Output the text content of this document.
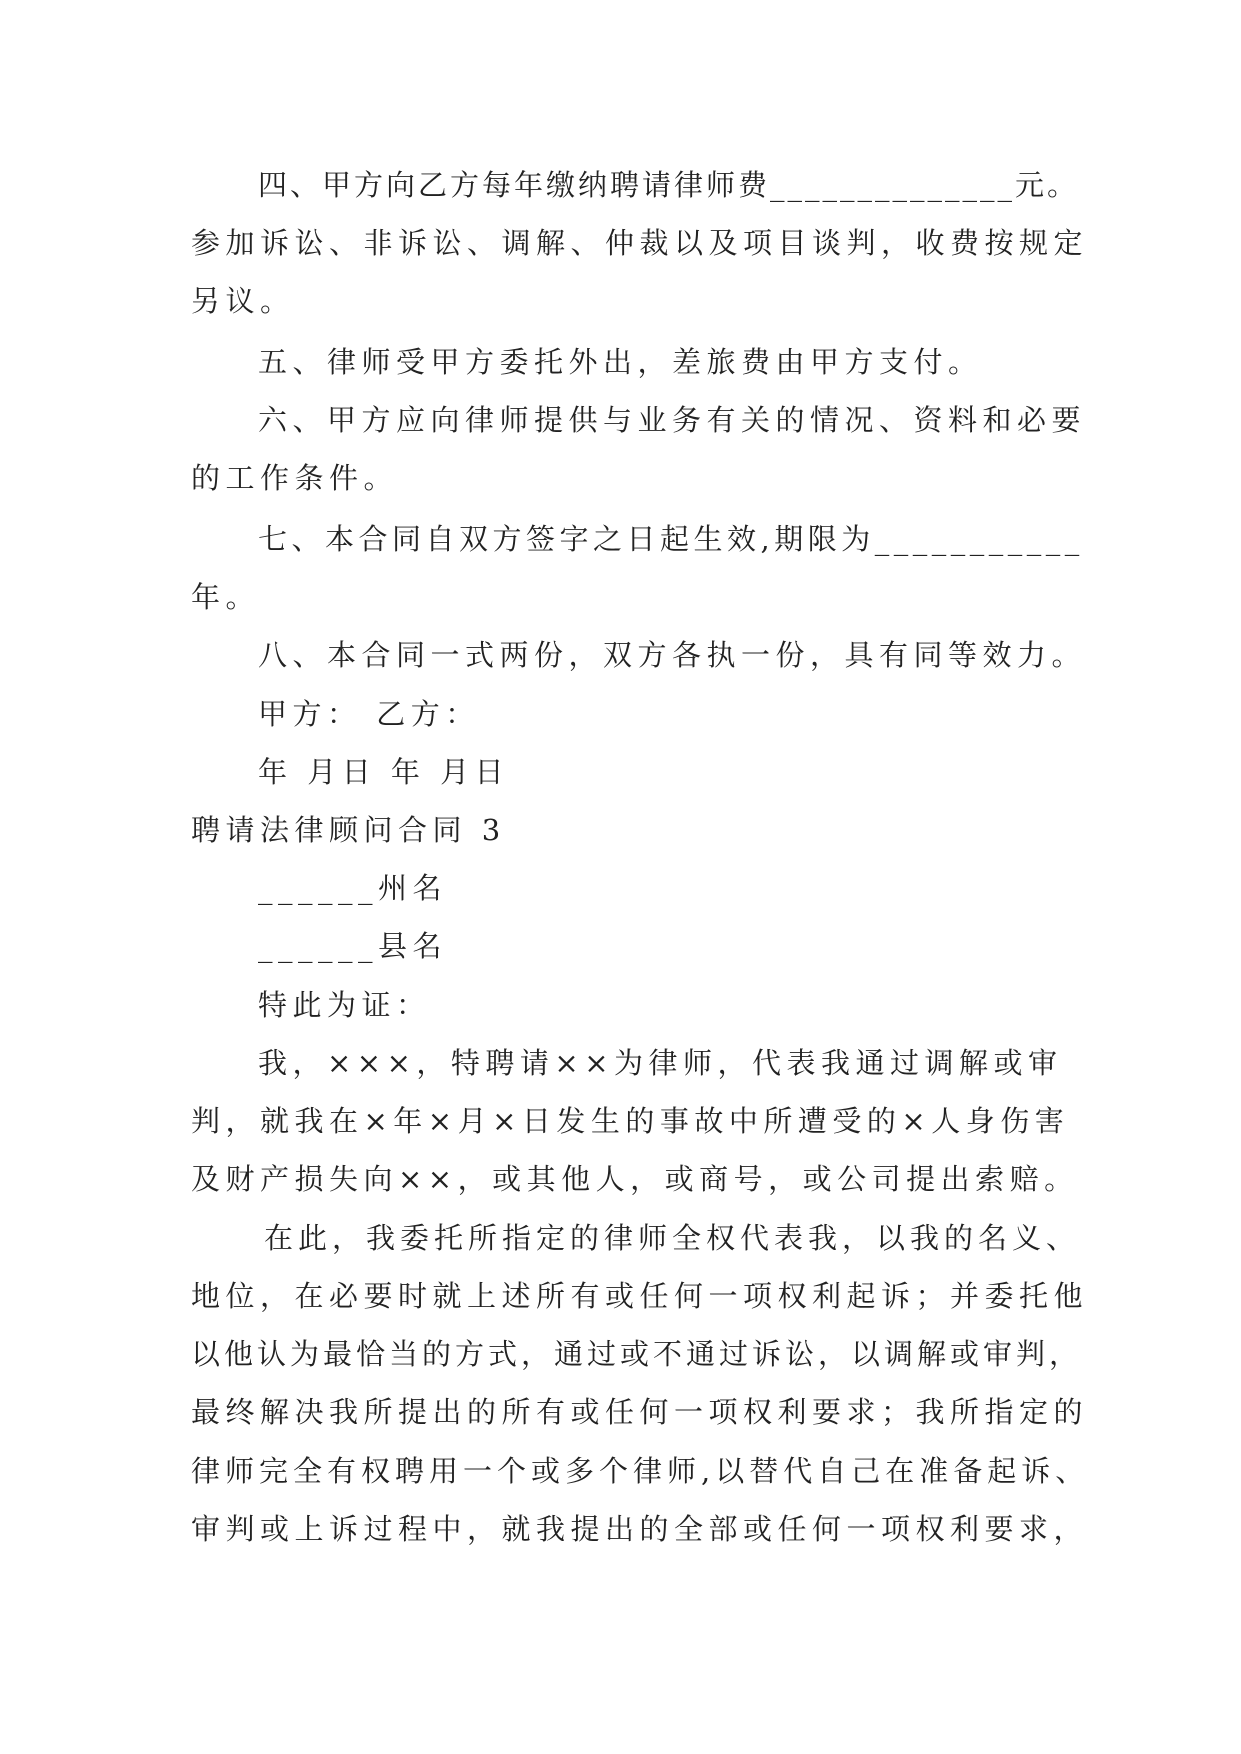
四、甲方向乙方每年缴纳聘请律师费______________元。
参加诉讼、非诉讼、调解、仲裁以及项目谈判，收费按规定
另议。
五、律师受甲方委托外出，差旅费由甲方支付。
六、甲方应向律师提供与业务有关的情况、资料和必要
的工作条件。
七、本合同自双方签字之日起生效,期限为___________
年。
八、本合同一式两份，双方各执一份，具有同等效力。
甲方： 乙方：
年 月日 年 月日
聘请法律顾问合同 3
______州名
______县名
特此为证：
我，×××，特聘请××为律师，代表我通过调解或审
判，就我在×年×月×日发生的事故中所遭受的×人身伤害
及财产损失向××，或其他人，或商号，或公司提出索赔。
在此，我委托所指定的律师全权代表我，以我的名义、
地位，在必要时就上述所有或任何一项权利起诉；并委托他
以他认为最恰当的方式，通过或不通过诉讼，以调解或审判，
最终解决我所提出的所有或任何一项权利要求；我所指定的
律师完全有权聘用一个或多个律师,以替代自己在准备起诉、
审判或上诉过程中，就我提出的全部或任何一项权利要求，
